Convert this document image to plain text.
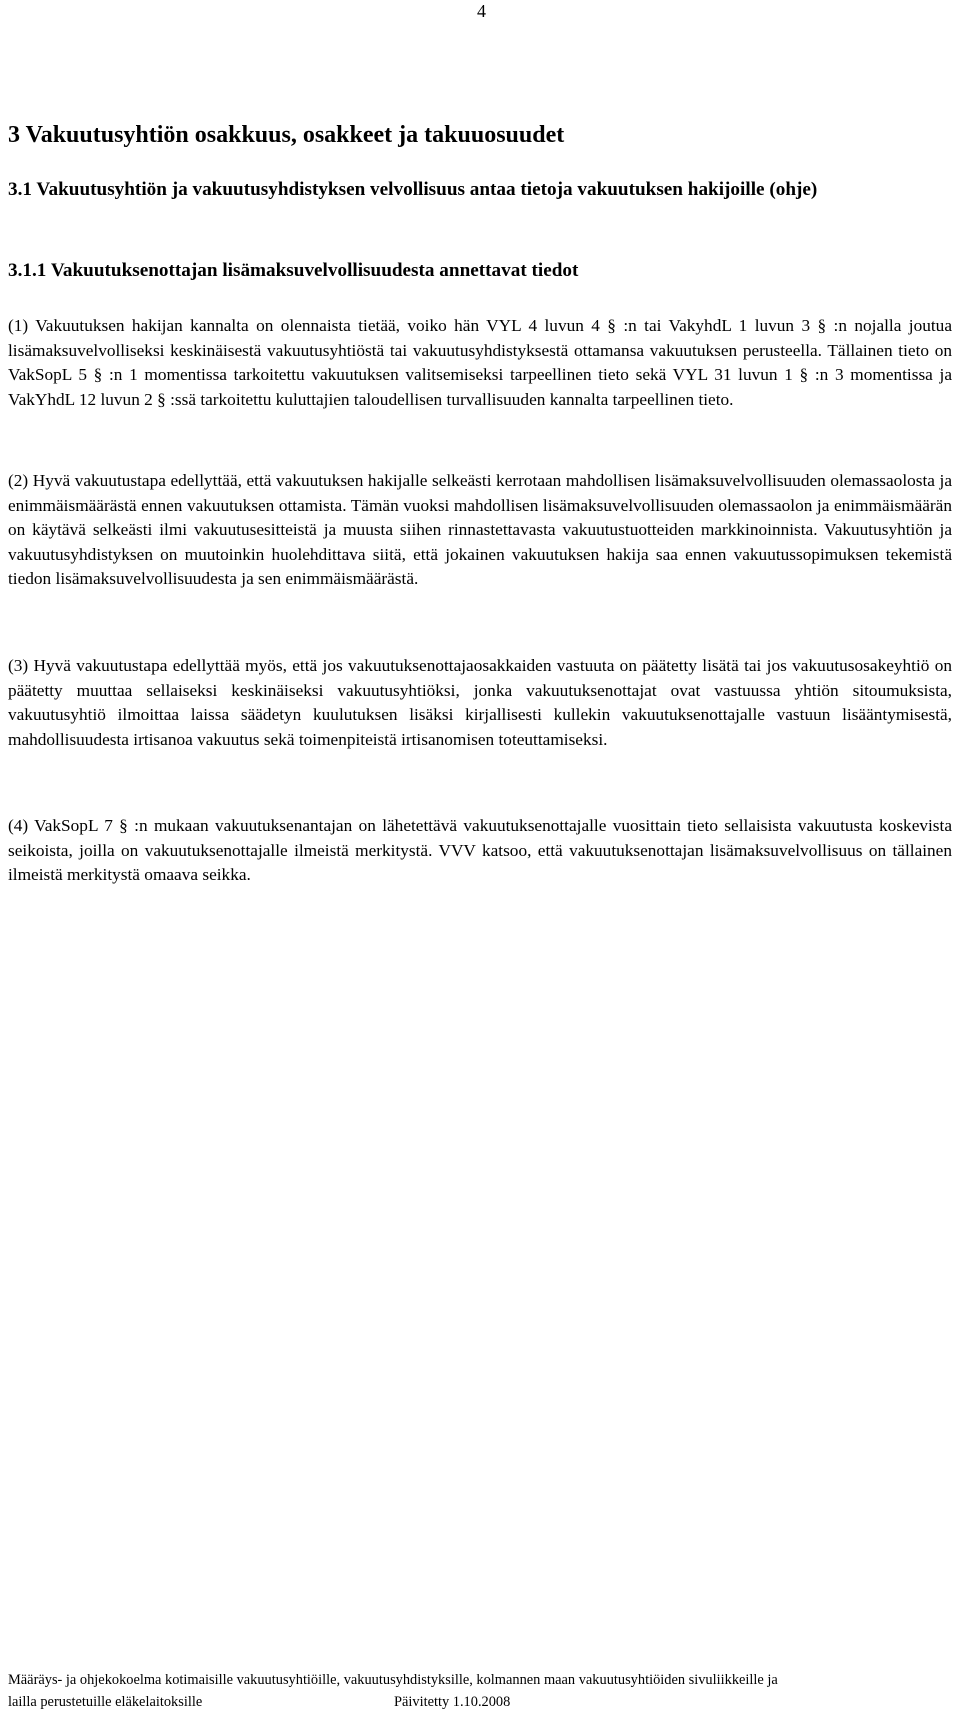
4
3 Vakuutusyhtiön osakkuus, osakkeet ja takuuosuudet
3.1 Vakuutusyhtiön ja vakuutusyhdistyksen velvollisuus antaa tietoja vakuutuksen hakijoille (ohje)
3.1.1 Vakuutuksenottajan lisämaksuvelvollisuudesta annettavat tiedot

(1) Vakuutuksen hakijan kannalta on olennaista tietää, voiko hän VYL 4 luvun 4 § :n tai VakyhdL 1 luvun 3 § :n nojalla joutua lisämaksuvelvolliseksi keskinäisestä vakuutusyhtiöstä tai vakuutusyhdistyksestä ottamansa vakuutuksen perusteella. Tällainen tieto on VakSopL 5 § :n 1 momentissa tarkoitettu vakuutuksen valitsemiseksi tarpeellinen tieto sekä VYL 31 luvun 1 § :n 3 momentissa ja VakYhdL 12 luvun 2 § :ssä tarkoitettu kuluttajien taloudellisen turvallisuuden kannalta tarpeellinen tieto.

(2) Hyvä vakuutustapa edellyttää, että vakuutuksen hakijalle selkeästi kerrotaan mahdollisen lisämaksuvelvollisuuden olemassaolosta ja enimmäismäärästä ennen vakuutuksen ottamista. Tämän vuoksi mahdollisen lisämaksuvelvollisuuden olemassaolon ja enimmäismäärän on käytävä selkeästi ilmi vakuutusesitteistä ja muusta siihen rinnastettavasta vakuutustuotteiden markkinoinnista. Vakuutusyhtiön ja vakuutusyhdistyksen on muutoinkin huolehdittava siitä, että jokainen vakuutuksen hakija saa ennen vakuutussopimuksen tekemistä tiedon lisämaksuvelvollisuudesta ja sen enimmäismäärästä.

(3) Hyvä vakuutustapa edellyttää myös, että jos vakuutuksenottajaosakkaiden vastuuta on päätetty lisätä tai jos vakuutusosakeyhtiö on päätetty muuttaa sellaiseksi keskinäiseksi vakuutusyhtiöksi, jonka vakuutuksenottajat ovat vastuussa yhtiön sitoumuksista, vakuutusyhtiö ilmoittaa laissa säädetyn kuulutuksen lisäksi kirjallisesti kullekin vakuutuksenottajalle vastuun lisääntymisestä, mahdollisuudesta irtisanoa vakuutus sekä toimenpiteistä irtisanomisen toteuttamiseksi.

(4) VakSopL 7 § :n mukaan vakuutuksenantajan on lähetettävä vakuutuksenottajalle vuosittain tieto sellaisista vakuutusta koskevista seikoista, joilla on vakuutuksenottajalle ilmeistä merkitystä. VVV katsoo, että vakuutuksenottajan lisämaksuvelvollisuus on tällainen ilmeistä merkitystä omaava seikka.

Määräys- ja ohjekokoelma kotimaisille vakuutusyhtiöille, vakuutusyhdistyksille, kolmannen maan vakuutusyhtiöiden sivuliikkeille ja
lailla perustetuille eläkelaitoksille	Päivitetty 1.10.2008
